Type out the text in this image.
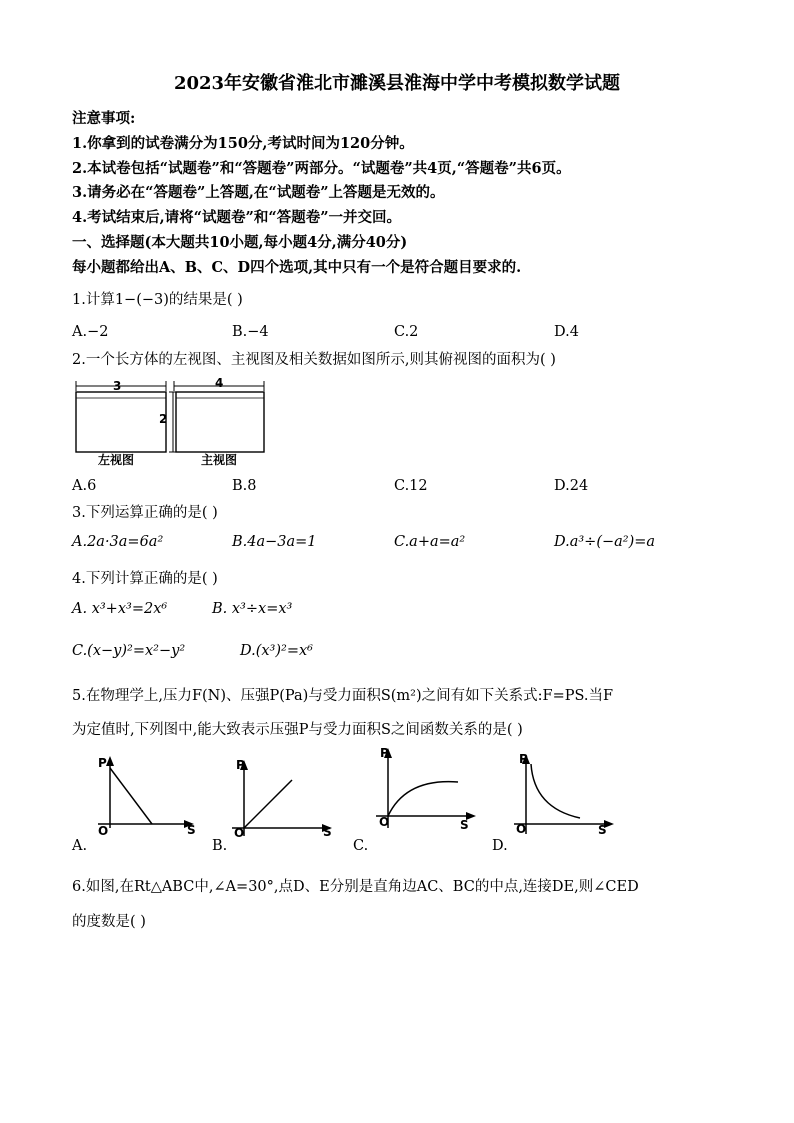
2023年安徽省淮北市濉溪县淮海中学中考模拟数学试题
注意事项:
1.你拿到的试卷满分为150分,考试时间为120分钟。
2.本试卷包括“试题卷”和“答题卷”两部分。“试题卷”共4页,“答题卷”共6页。
3.请务必在“答题卷”上答题,在“试题卷”上答题是无效的。
4.考试结束后,请将“试题卷”和“答题卷”一并交回。
一、选择题(本大题共10小题,每小题4分,满分40分)
每小题都给出A、B、C、D四个选项,其中只有一个是符合题目要求的.
1.计算1−(−3)的结果是( )
A.−2	B.−4	C.2	D.4
2.一个长方体的左视图、主视图及相关数据如图所示,则其俯视图的面积为( )
3
2
4
左视图	主视图
A.6	B.8	C.12	D.24
3.下列运算正确的是( )
A.2a·3a=6a²	B.4a−3a=1	C.a+a=a²	D.a³÷(−a²)=a
4.下列计算正确的是( )
A. x³+x³=2x⁶	B. x³÷x=x³
C.(x−y)²=x²−y²	D.(x³)²=x⁶
5.在物理学上,压力F(N)、压强P(Pa)与受力面积S(m²)之间有如下关系式:F=PS.当F
为定值时,下列图中,能大致表示压强P与受力面积S之间函数关系的是( )
P
O	S
A.
P
O	S
B.
P
O	S
C.
P
O	S
D.
6.如图,在Rt△ABC中,∠A=30°,点D、E分别是直角边AC、BC的中点,连接DE,则∠CED
的度数是( )
